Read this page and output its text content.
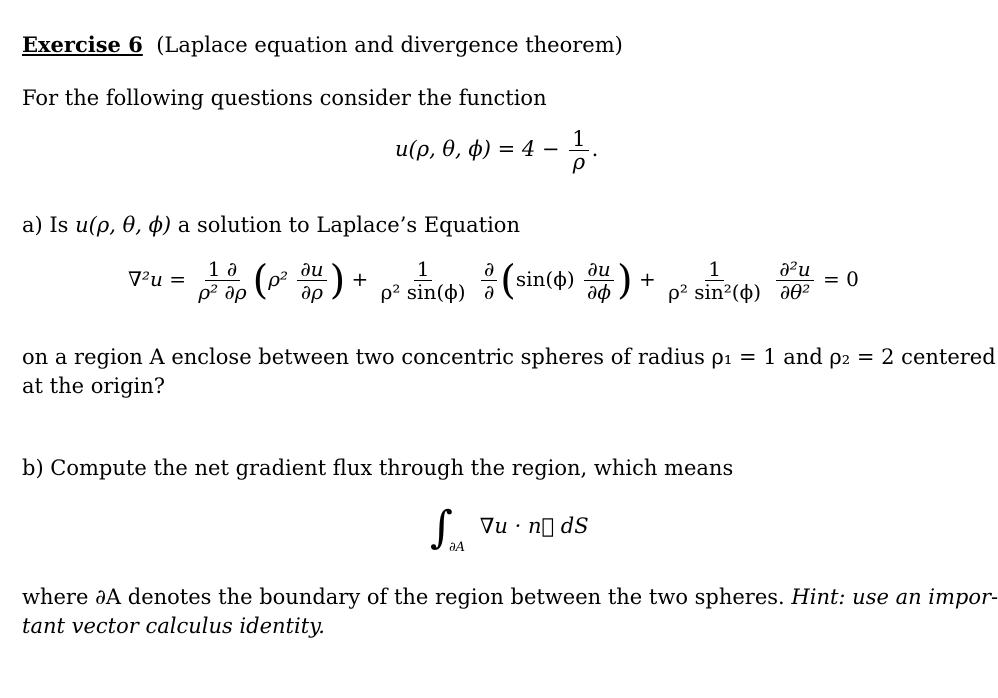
Exercise 6 (Laplace equation and divergence theorem)
For the following questions consider the function
u(ρ, θ, $\phi) = 4 - \frac{1}{\rho}$ .
a) Is u(ρ, θ, ϕ) a solution to Laplace’s Equation
$\nabla^2u = \frac{1 \partial}{\text{ρ² ∂ρ}} (\rho^2 \frac{\partial u}{\partial\rho}$ ) + $\frac{1}{\text{ρ² sin(ϕ)}}$
$\frac{\partial}{\partial} (\sin(\phi) \frac{\partial u}{\partial\phi}$ ) + $\frac{1}{\text{ρ² sin²(ϕ)}}$
$\frac{\text{∂²u}}{\text{∂θ²}} = 0$
on a region A enclose between two concentric spheres of radius ρ₁ = 1 and ρ₂ = 2 centered
at the origin?
b) Compute the net gradient flux through the region, which means
$\int_{\partial A}$ ∇u · n⃗ dS
where ∂A denotes the boundary of the region between the two spheres. Hint: use an impor-
tant vector calculus identity.
